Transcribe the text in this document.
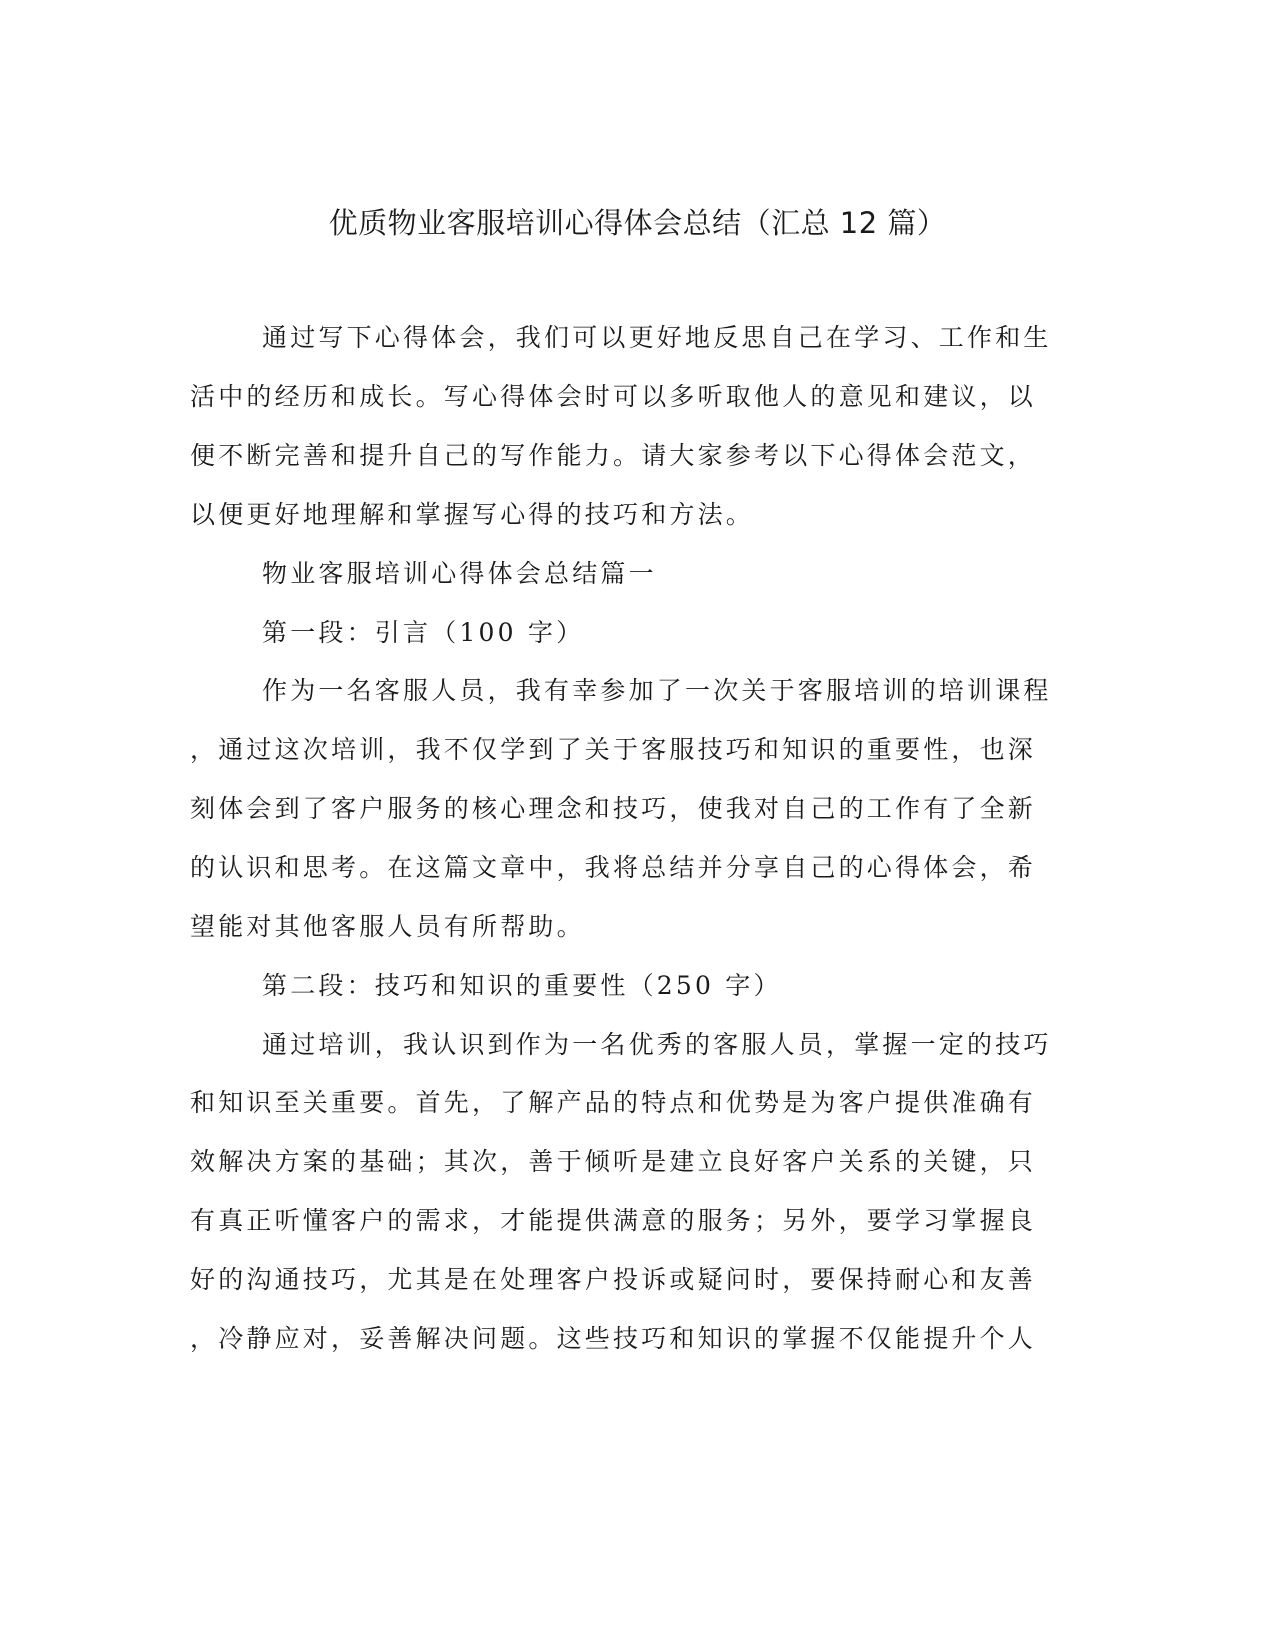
优质物业客服培训心得体会总结（汇总 12 篇）
通过写下心得体会，我们可以更好地反思自己在学习、工作和生
活中的经历和成长。写心得体会时可以多听取他人的意见和建议，以
便不断完善和提升自己的写作能力。请大家参考以下心得体会范文，
以便更好地理解和掌握写心得的技巧和方法。
物业客服培训心得体会总结篇一
第一段：引言（100 字）
作为一名客服人员，我有幸参加了一次关于客服培训的培训课程
，通过这次培训，我不仅学到了关于客服技巧和知识的重要性，也深
刻体会到了客户服务的核心理念和技巧，使我对自己的工作有了全新
的认识和思考。在这篇文章中，我将总结并分享自己的心得体会，希
望能对其他客服人员有所帮助。
第二段：技巧和知识的重要性（250 字）
通过培训，我认识到作为一名优秀的客服人员，掌握一定的技巧
和知识至关重要。首先，了解产品的特点和优势是为客户提供准确有
效解决方案的基础；其次，善于倾听是建立良好客户关系的关键，只
有真正听懂客户的需求，才能提供满意的服务；另外，要学习掌握良
好的沟通技巧，尤其是在处理客户投诉或疑问时，要保持耐心和友善
，冷静应对，妥善解决问题。这些技巧和知识的掌握不仅能提升个人
